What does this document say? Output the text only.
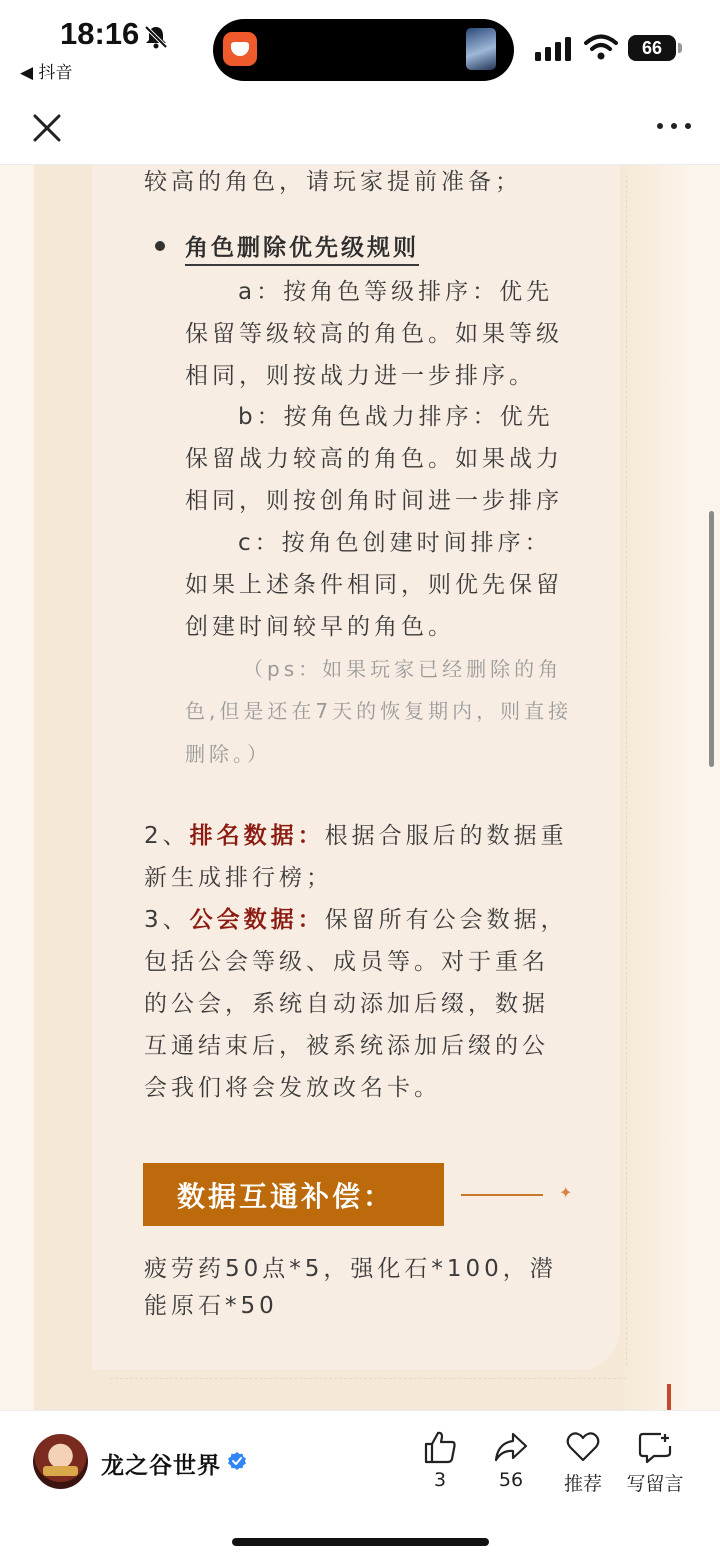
18:16
◀ 抖音
66
较高的角色，请玩家提前准备；
角色删除优先级规则
a：按角色等级排序：优先
保留等级较高的角色。如果等级
相同，则按战力进一步排序。
b：按角色战力排序：优先
保留战力较高的角色。如果战力
相同，则按创角时间进一步排序
c：按角色创建时间排序：
如果上述条件相同，则优先保留
创建时间较早的角色。
（ps：如果玩家已经删除的角
色,但是还在7天的恢复期内，则直接
删除。）
2、排名数据：根据合服后的数据重
新生成排行榜；
3、公会数据：保留所有公会数据，
包括公会等级、成员等。对于重名
的公会，系统自动添加后缀，数据
互通结束后，被系统添加后缀的公
会我们将会发放改名卡。
数据互通补偿：	✦
疲劳药50点*5，强化石*100，潜
能原石*50
龙之谷世界
3	56	推荐	写留言
